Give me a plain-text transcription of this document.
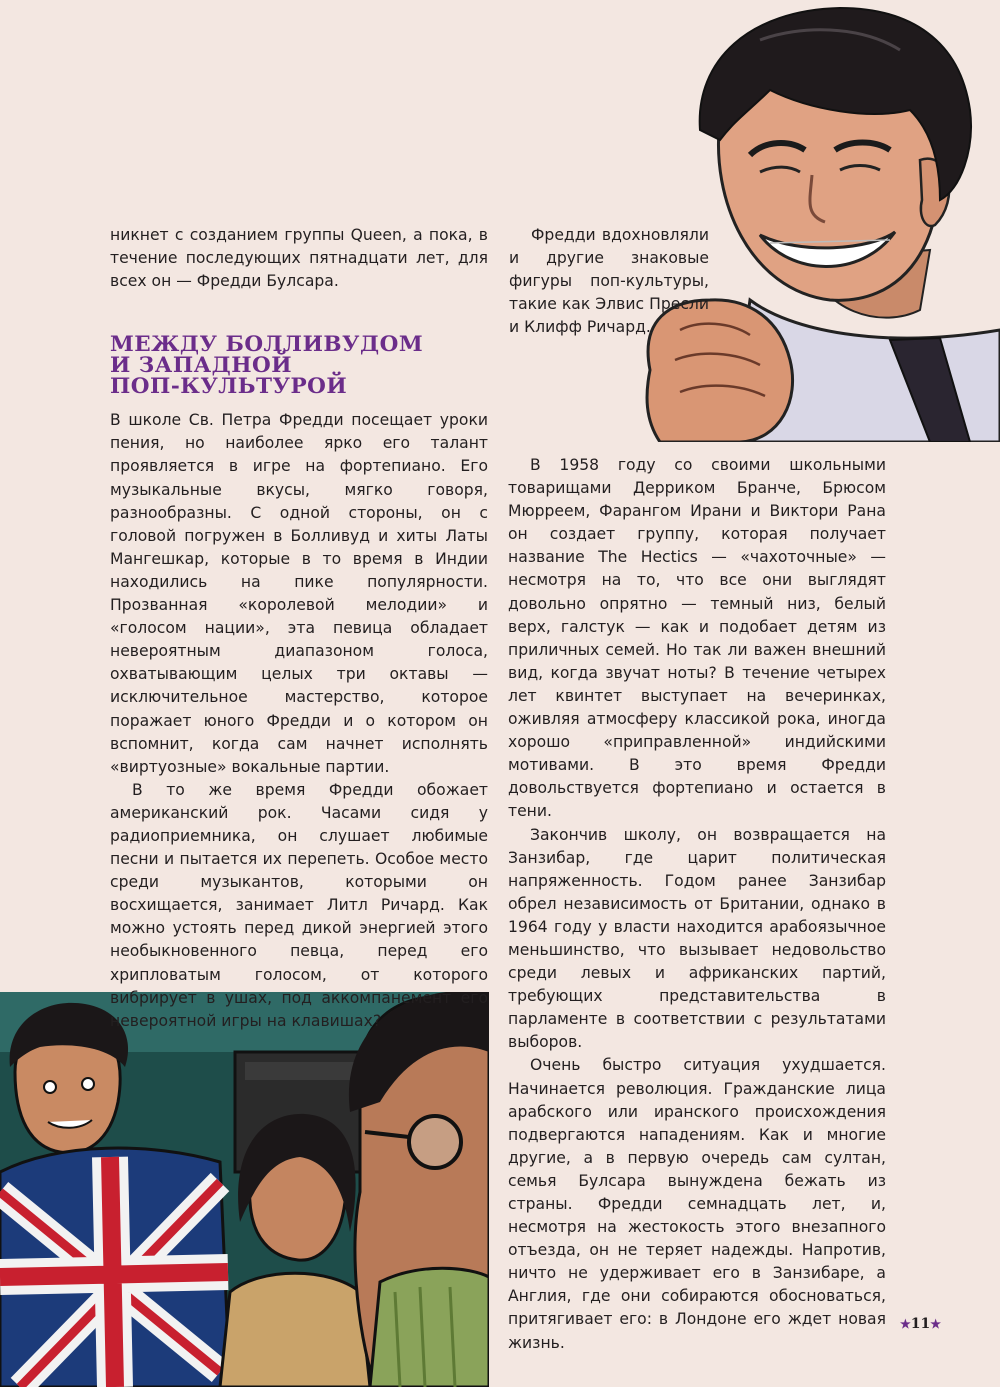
никнет с созданием группы Queen, а пока, в течение последующих пятнадцати лет, для всех он — Фредди Булсара.

МЕЖДУ БОЛЛИВУДОМ
И ЗАПАДНОЙ
ПОП-КУЛЬТУРОЙ

В школе Св. Петра Фредди посещает уроки пения, но наиболее ярко его талант проявляется в игре на фортепиано. Его музыкальные вкусы, мягко говоря, разнообразны. С одной стороны, он с головой погружен в Болливуд и хиты Латы Мангешкар, которые в то время в Индии находились на пике популярности. Прозванная «королевой мелодии» и «голосом нации», эта певица обладает невероятным диапазоном голоса, охватывающим целых три октавы — исключительное мастерство, которое поражает юного Фредди и о котором он вспомнит, когда сам начнет исполнять «виртуозные» вокальные партии.

В то же время Фредди обожает американский рок. Часами сидя у радиоприемника, он слушает любимые песни и пытается их перепеть. Особое место среди музыкантов, которыми он восхищается, занимает Литл Ричард. Как можно устоять перед дикой энергией этого необыкновенного певца, перед его хрипловатым голосом, от которого вибрирует в ушах, под аккомпанемент его невероятной игры на клавишах?

Фредди вдохновляли и другие знаковые фигуры поп-культуры, такие как Элвис Пресли и Клифф Ричард.

В 1958 году со своими школьными товарищами Дерриком Бранче, Брюсом Мюрреем, Фарангом Ирани и Виктори Рана он создает группу, которая получает название The Hectics — «чахоточные» — несмотря на то, что все они выглядят довольно опрятно — темный низ, белый верх, галстук — как и подобает детям из приличных семей. Но так ли важен внешний вид, когда звучат ноты? В течение четырех лет квинтет выступает на вечеринках, оживляя атмосферу классикой рока, иногда хорошо «приправленной» индийскими мотивами. В это время Фредди довольствуется фортепиано и остается в тени.

Закончив школу, он возвращается на Занзибар, где царит политическая напряженность. Годом ранее Занзибар обрел независимость от Британии, однако в 1964 году у власти находится арабоязычное меньшинство, что вызывает недовольство среди левых и африканских партий, требующих представительства в парламенте в соответствии с результатами выборов.

Очень быстро ситуация ухудшается. Начинается революция. Гражданские лица арабского или иранского происхождения подвергаются нападениям. Как и многие другие, а в первую очередь сам султан, семья Булсара вынуждена бежать из страны. Фредди семнадцать лет, и, несмотря на жестокость этого внезапного отъезда, он не теряет надежды. Напротив, ничто не удерживает его в Занзибаре, а Англия, где они собираются обосноваться, притягивает его: в Лондоне его ждет новая жизнь.

★11★
